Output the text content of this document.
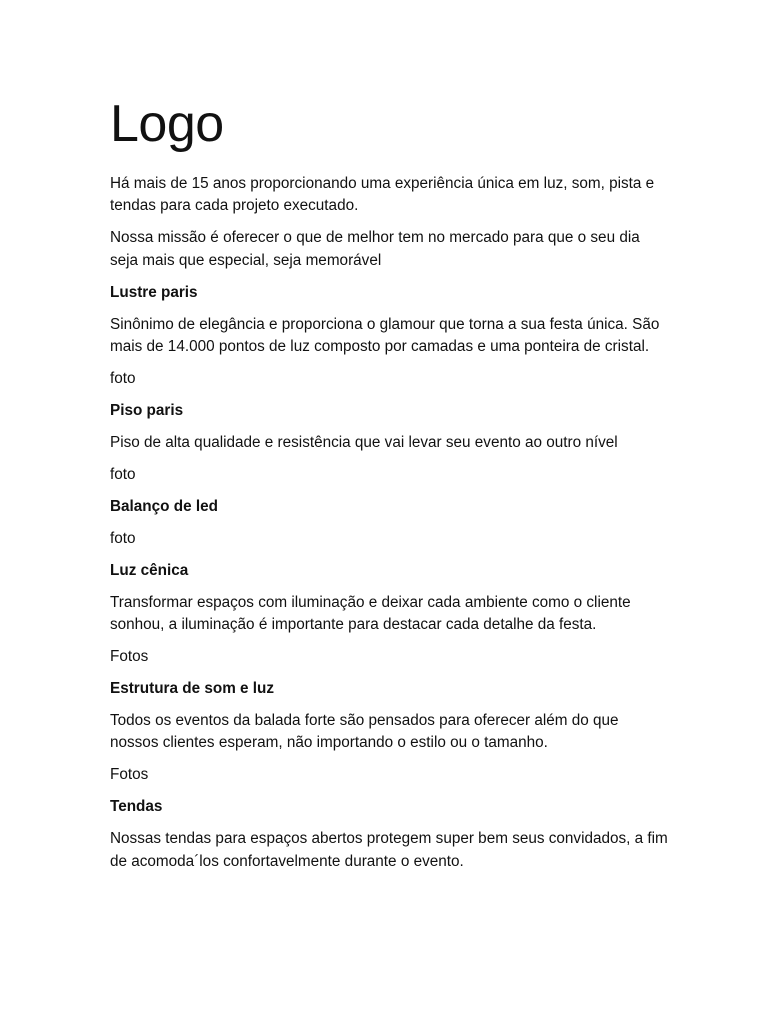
Logo

Há mais de 15 anos proporcionando uma experiência única em luz, som, pista e tendas para cada projeto executado.

Nossa missão é oferecer o que de melhor tem no mercado para que o seu dia seja mais que especial, seja memorável

Lustre paris

Sinônimo de elegância e proporciona o glamour que torna a sua festa única. São mais de 14.000 pontos de luz composto por camadas e uma ponteira de cristal.

foto

Piso paris

Piso de alta qualidade e resistência que vai levar seu evento ao outro nível

foto

Balanço de led

foto

Luz cênica

Transformar espaços com iluminação e deixar cada ambiente como o cliente sonhou, a iluminação é importante para destacar cada detalhe da festa.

Fotos

Estrutura de som e luz

Todos os eventos da balada forte são pensados para oferecer além do que nossos clientes esperam, não importando o estilo ou o tamanho.

Fotos

Tendas

Nossas tendas para espaços abertos protegem super bem seus convidados, a fim de acomoda´los confortavelmente durante o evento.
